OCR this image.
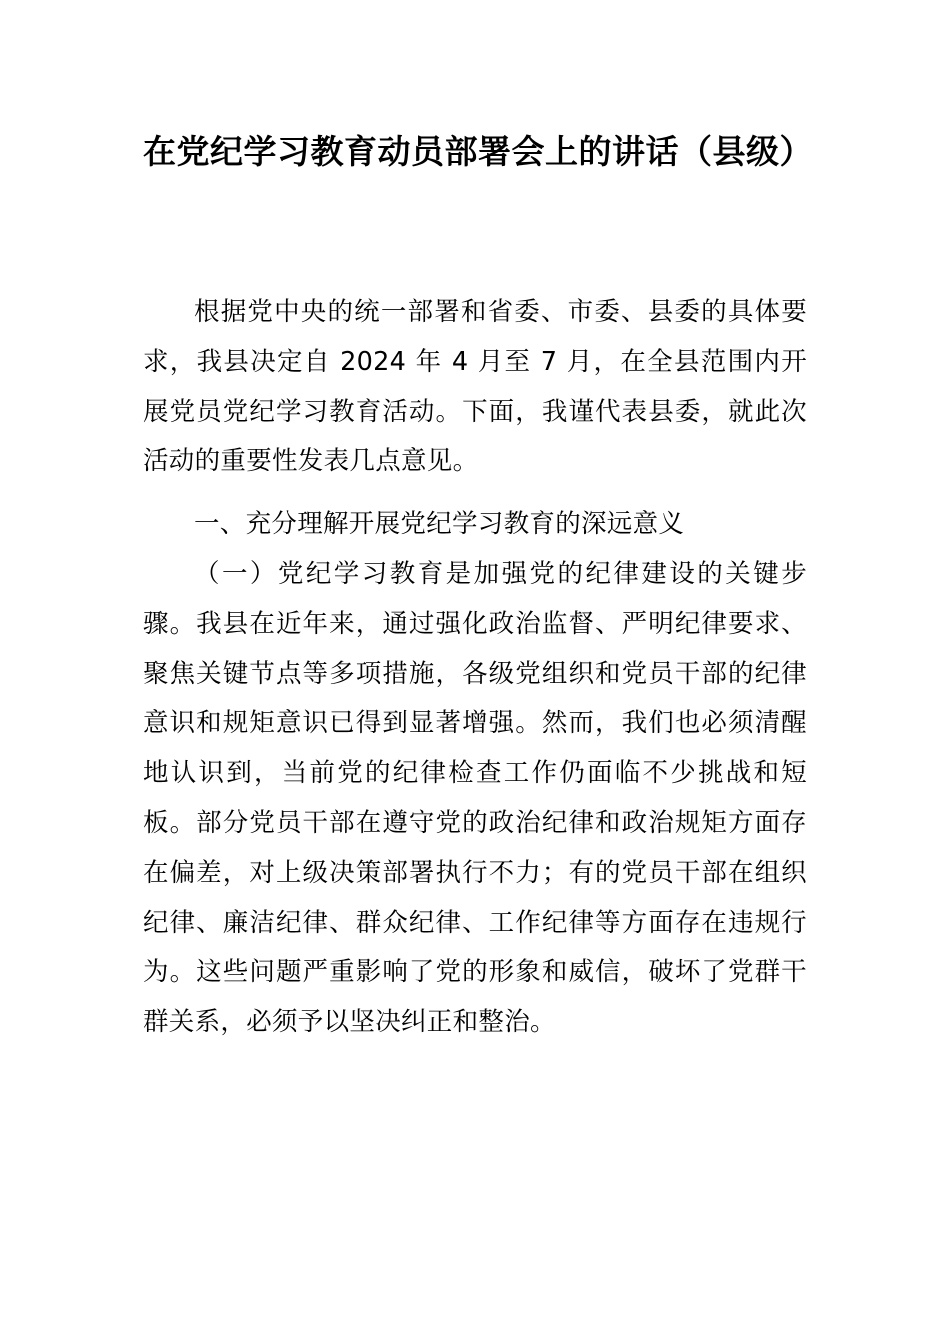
在党纪学习教育动员部署会上的讲话（县级）

根据党中央的统一部署和省委、市委、县委的具体要求，我县决定自 2024 年 4 月至 7 月，在全县范围内开展党员党纪学习教育活动。下面，我谨代表县委，就此次活动的重要性发表几点意见。

一、充分理解开展党纪学习教育的深远意义

（一）党纪学习教育是加强党的纪律建设的关键步骤。我县在近年来，通过强化政治监督、严明纪律要求、聚焦关键节点等多项措施，各级党组织和党员干部的纪律意识和规矩意识已得到显著增强。然而，我们也必须清醒地认识到，当前党的纪律检查工作仍面临不少挑战和短板。部分党员干部在遵守党的政治纪律和政治规矩方面存在偏差，对上级决策部署执行不力；有的党员干部在组织纪律、廉洁纪律、群众纪律、工作纪律等方面存在违规行为。这些问题严重影响了党的形象和威信，破坏了党群干群关系，必须予以坚决纠正和整治。
